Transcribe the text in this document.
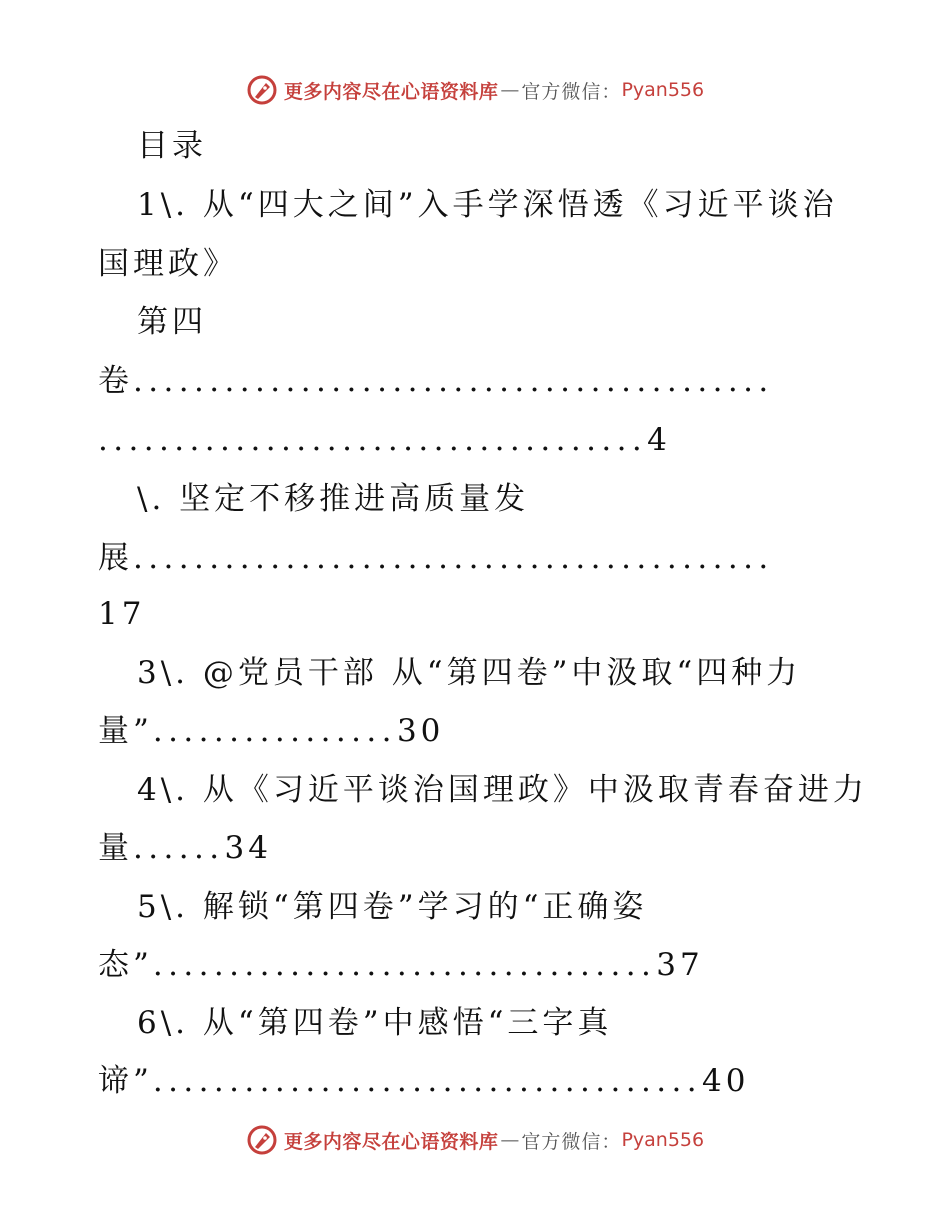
更多内容尽在心语资料库 — 官方微信： Pyan556
目录
1\. 从“四大之间”入手学深悟透《习近平谈治
国理政》
第四
卷..........................................
....................................4
\. 坚定不移推进高质量发
展..........................................
17
3\. @党员干部 从“第四卷”中汲取“四种力
量”................30
4\. 从《习近平谈治国理政》中汲取青春奋进力
量......34
5\. 解锁“第四卷”学习的“正确姿
态”.................................37
6\. 从“第四卷”中感悟“三字真
谛”....................................40
更多内容尽在心语资料库 — 官方微信： Pyan556
